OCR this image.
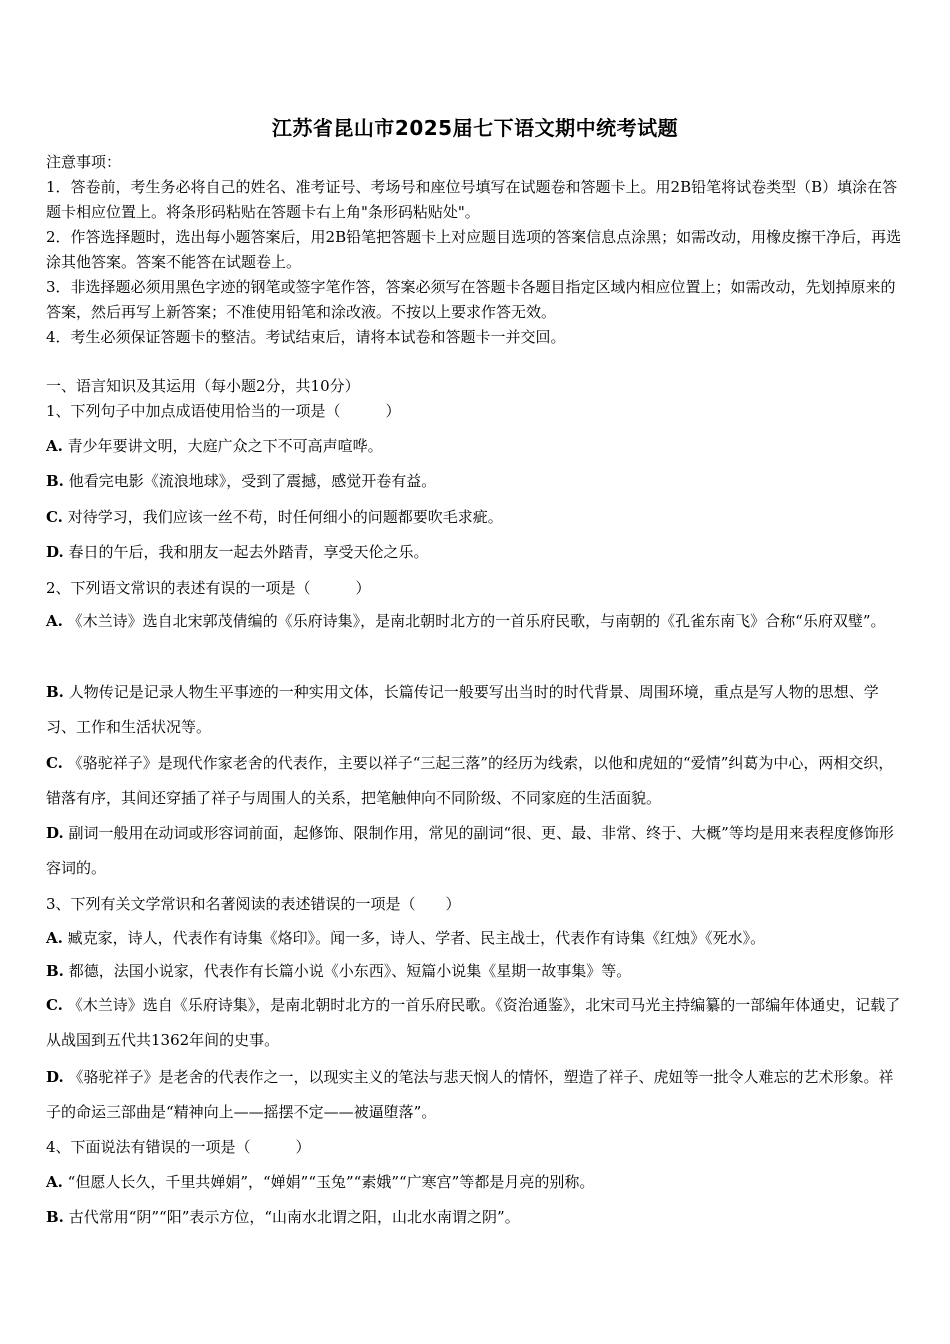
江苏省昆山市2025届七下语文期中统考试题

注意事项：

1．答卷前，考生务必将自己的姓名、准考证号、考场号和座位号填写在试题卷和答题卡上。用2B铅笔将试卷类型（B）填涂在答题卡相应位置上。将条形码粘贴在答题卡右上角"条形码粘贴处"。

2．作答选择题时，选出每小题答案后，用2B铅笔把答题卡上对应题目选项的答案信息点涂黑；如需改动，用橡皮擦干净后，再选涂其他答案。答案不能答在试题卷上。

3．非选择题必须用黑色字迹的钢笔或签字笔作答，答案必须写在答题卡各题目指定区域内相应位置上；如需改动，先划掉原来的答案，然后再写上新答案；不准使用铅笔和涂改液。不按以上要求作答无效。

4．考生必须保证答题卡的整洁。考试结束后，请将本试卷和答题卡一并交回。

一、语言知识及其运用（每小题2分，共10分）

1、下列句子中加点成语使用恰当的一项是（　　　）

A. 青少年要讲文明，大庭广众之下不可高声喧哗。

B. 他看完电影《流浪地球》，受到了震撼，感觉开卷有益。

C. 对待学习，我们应该一丝不苟，时任何细小的问题都要吹毛求疵。

D. 春日的午后，我和朋友一起去外踏青，享受天伦之乐。

2、下列语文常识的表述有误的一项是（　　　）

A. 《木兰诗》选自北宋郭茂倩编的《乐府诗集》，是南北朝时北方的一首乐府民歌，与南朝的《孔雀东南飞》合称“乐府双璧”。

B. 人物传记是记录人物生平事迹的一种实用文体，长篇传记一般要写出当时的时代背景、周围环境，重点是写人物的思想、学习、工作和生活状况等。

C. 《骆驼祥子》是现代作家老舍的代表作，主要以祥子“三起三落”的经历为线索，以他和虎妞的“爱情”纠葛为中心，两相交织，错落有序，其间还穿插了祥子与周围人的关系，把笔触伸向不同阶级、不同家庭的生活面貌。

D. 副词一般用在动词或形容词前面，起修饰、限制作用，常见的副词“很、更、最、非常、终于、大概”等均是用来表程度修饰形容词的。

3、下列有关文学常识和名著阅读的表述错误的一项是（　　）

A. 臧克家，诗人，代表作有诗集《烙印》。闻一多，诗人、学者、民主战士，代表作有诗集《红烛》《死水》。

B. 都德，法国小说家，代表作有长篇小说《小东西》、短篇小说集《星期一故事集》等。

C. 《木兰诗》选自《乐府诗集》，是南北朝时北方的一首乐府民歌。《资治通鉴》，北宋司马光主持编纂的一部编年体通史，记载了从战国到五代共1362年间的史事。

D. 《骆驼祥子》是老舍的代表作之一，以现实主义的笔法与悲天悯人的情怀，塑造了祥子、虎妞等一批令人难忘的艺术形象。祥子的命运三部曲是“精神向上——摇摆不定——被逼堕落”。

4、下面说法有错误的一项是（　　　）

A. “但愿人长久，千里共婵娟”，“婵娟”“玉兔”“素娥”“广寒宫”等都是月亮的别称。

B. 古代常用“阴”“阳”表示方位，“山南水北谓之阳，山北水南谓之阴”。
